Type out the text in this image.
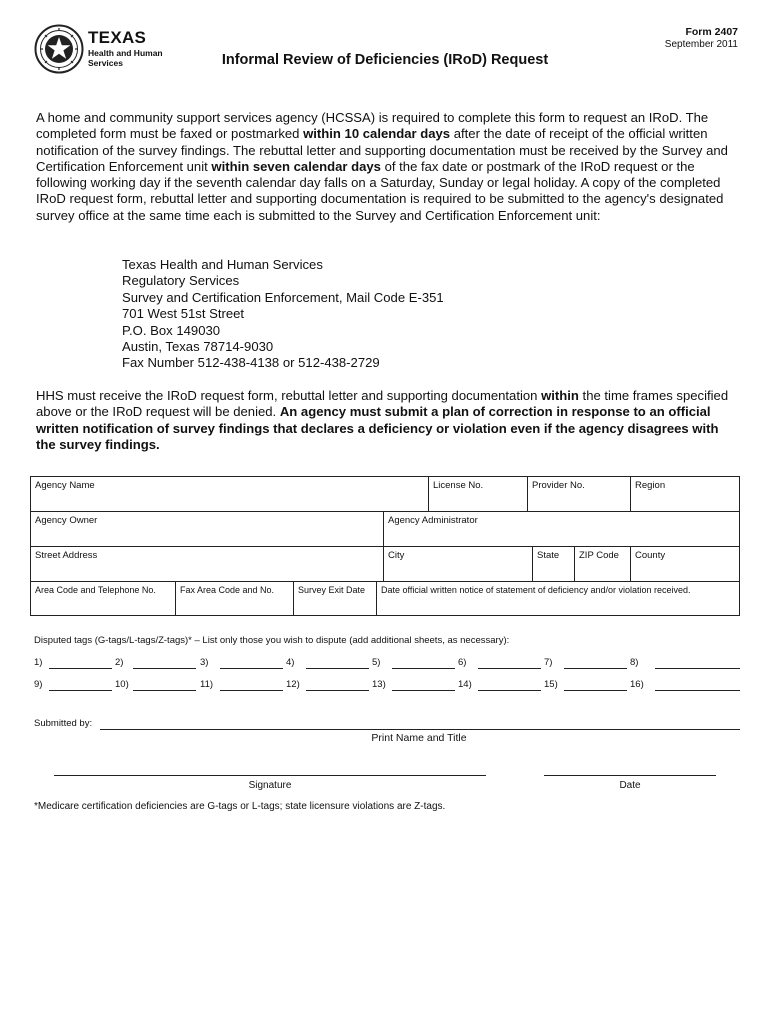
TEXAS
Health and Human
Services
Form 2407
September 2011
Informal Review of Deficiencies (IRoD) Request
A home and community support services agency (HCSSA) is required to complete this form to request an IRoD. The completed form must be faxed or postmarked within 10 calendar days after the date of receipt of the official written notification of the survey findings. The rebuttal letter and supporting documentation must be received by the Survey and Certification Enforcement unit within seven calendar days of the fax date or postmark of the IRoD request or the following working day if the seventh calendar day falls on a Saturday, Sunday or legal holiday. A copy of the completed IRoD request form, rebuttal letter and supporting documentation is required to be submitted to the agency's designated survey office at the same time each is submitted to the Survey and Certification Enforcement unit:
Texas Health and Human Services
Regulatory Services
Survey and Certification Enforcement, Mail Code E-351
701 West 51st Street
P.O. Box 149030
Austin, Texas 78714-9030
Fax Number 512-438-4138 or 512-438-2729
HHS must receive the IRoD request form, rebuttal letter and supporting documentation within the time frames specified above or the IRoD request will be denied. An agency must submit a plan of correction in response to an official written notification of survey findings that declares a deficiency or violation even if the agency disagrees with the survey findings.
Agency Name	License No.	Provider No.	Region
Agency Owner	Agency Administrator
Street Address	City	State	ZIP Code	County
Area Code and Telephone No.	Fax Area Code and No.	Survey Exit Date	Date official written notice of statement of deficiency and/or violation received.
Disputed tags (G-tags/L-tags/Z-tags)* – List only those you wish to dispute (add additional sheets, as necessary):
1)	2)	3)	4)	5)	6)	7)	8)
9)	10)	11)	12)	13)	14)	15)	16)
Submitted by:
Print Name and Title
Signature	Date
*Medicare certification deficiencies are G-tags or L-tags; state licensure violations are Z-tags.
